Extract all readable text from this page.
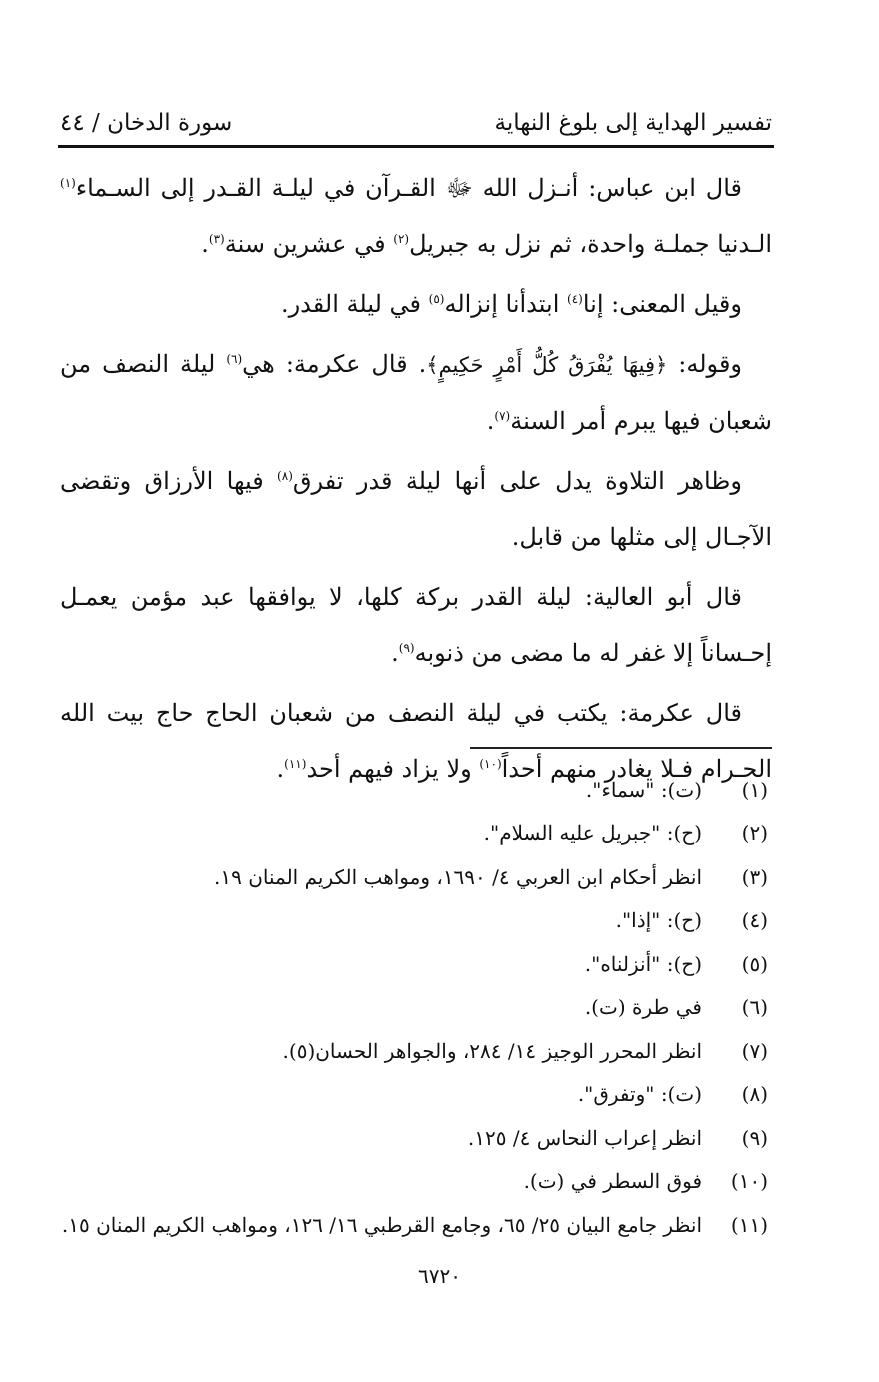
تفسير الهداية إلى بلوغ النهاية
سورة الدخان / ٤٤

قال ابن عباس: أنـزل الله ﷻ القـرآن في ليلـة القـدر إلى السـماء$^{(١)}$ الـدنيا جملـة واحدة، ثم نزل به جبريل$^{(٢)}$ في عشرين سنة$^{(٣)}$.

وقيل المعنى: إنا$^{(٤)}$ ابتدأنا إنزاله$^{(٥)}$ في ليلة القدر.

وقوله: ﴿فِيهَا يُفْرَقُ كُلُّ أَمْرٍ حَكِيمٍ﴾. قال عكرمة: هي$^{(٦)}$ ليلة النصف من شعبان فيها يبرم أمر السنة$^{(٧)}$.

وظاهر التلاوة يدل على أنها ليلة قدر تفرق$^{(٨)}$ فيها الأرزاق وتقضى الآجـال إلى مثلها من قابل.

قال أبو العالية: ليلة القدر بركة كلها، لا يوافقها عبد مؤمن يعمـل إحـساناً إلا غفر له ما مضى من ذنوبه$^{(٩)}$.

قال عكرمة: يكتب في ليلة النصف من شعبان الحاج حاج بيت الله الحـرام فـلا يغادر منهم أحداً$^{(١٠)}$ ولا يزاد فيهم أحد$^{(١١)}$.

(١)
(ت): "سماء".
(٢)
(ح): "جبريل عليه السلام".
(٣)
انظر أحكام ابن العربي ٤/ ١٦٩٠، ومواهب الكريم المنان ١٩.
(٤)
(ح): "إذا".
(٥)
(ح): "أنزلناه".
(٦)
في طرة (ت).
(٧)
انظر المحرر الوجيز ١٤/ ٢٨٤، والجواهر الحسان(٥).
(٨)
(ت): "وتفرق".
(٩)
انظر إعراب النحاس ٤/ ١٢٥.
(١٠)
فوق السطر في (ت).
(١١)
انظر جامع البيان ٢٥/ ٦٥، وجامع القرطبي ١٦/ ١٢٦، ومواهب الكريم المنان ١٥.
٦٧٢٠
